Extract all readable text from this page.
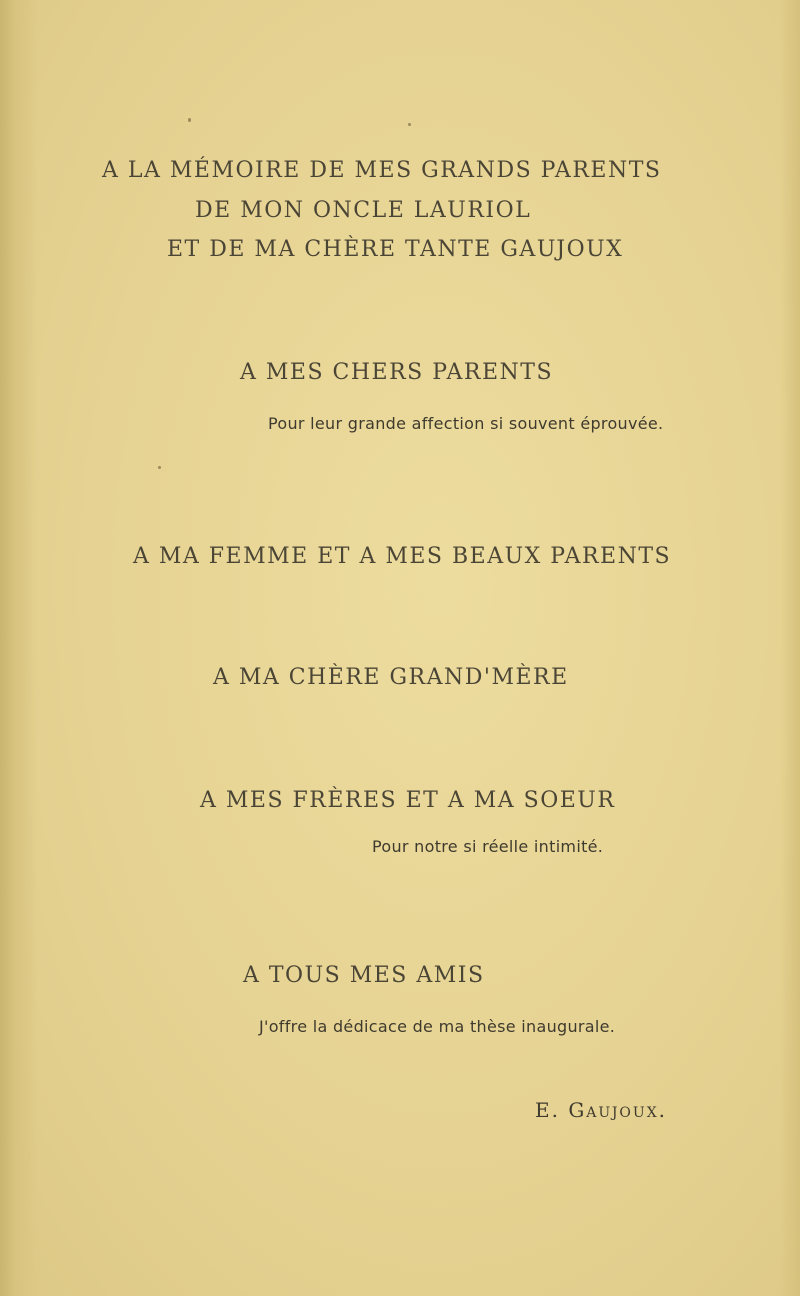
A LA MÉMOIRE DE MES GRANDS PARENTS

DE MON ONCLE LAURIOL

ET DE MA CHÈRE TANTE GAUJOUX

A MES CHERS PARENTS

Pour leur grande affection si souvent éprouvée.

A MA FEMME ET A MES BEAUX PARENTS

A MA CHÈRE GRAND'MÈRE

A MES FRÈRES ET A MA SOEUR

Pour notre si réelle intimité.

A TOUS MES AMIS

J'offre la dédicace de ma thèse inaugurale.

E. Gaujoux.
